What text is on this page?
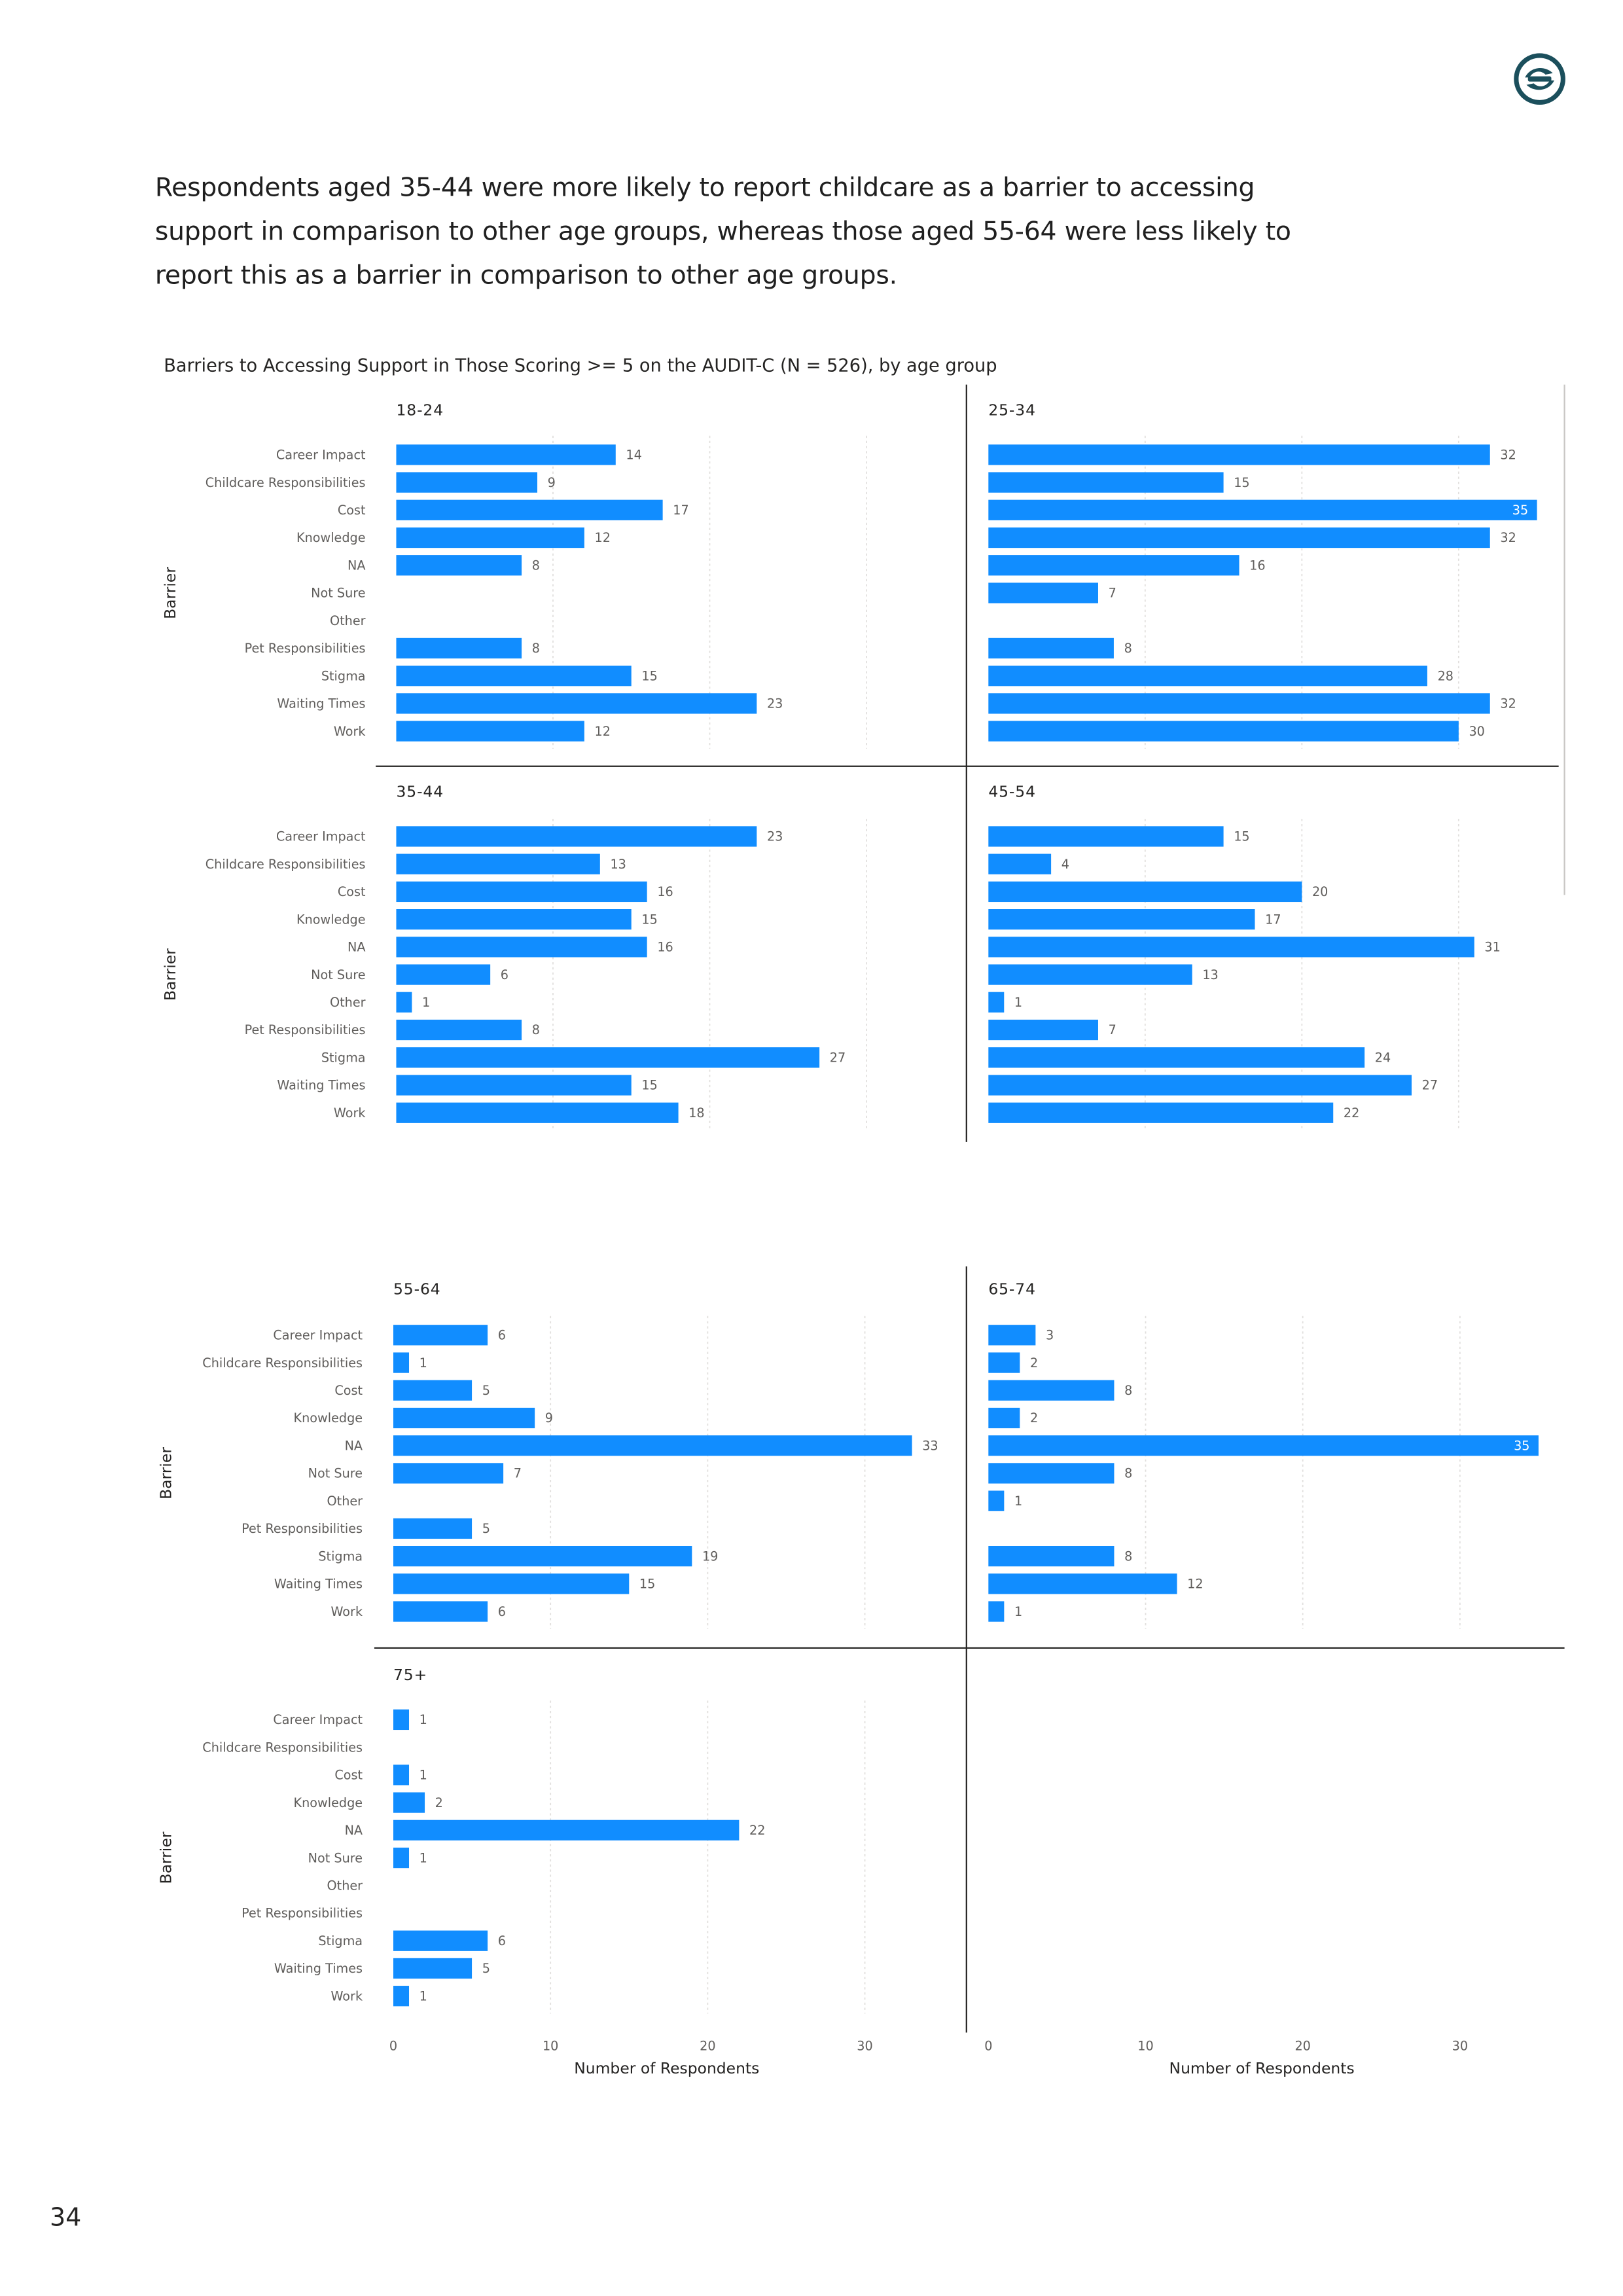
Respondents aged 35-44 were more likely to report childcare as a barrier to accessing support in comparison to other age groups, whereas those aged 55-64 were less likely to report this as a barrier in comparison to other age groups.
Barriers to Accessing Support in Those Scoring >= 5 on the AUDIT-C (N = 526), by age group
18-24
Career Impact
Childcare Responsibilities
Cost
Knowledge
NA
Not Sure
Other
Pet Responsibilities
Stigma
Waiting Times
Work
Barrier
14
9
17
12
8
8
15
23
12
25-34
32
15
35
32
16
7
8
28
32
30
35-44
Career Impact
Childcare Responsibilities
Cost
Knowledge
NA
Not Sure
Other
Pet Responsibilities
Stigma
Waiting Times
Work
Barrier
23
13
16
15
16
6
1
8
27
15
18
45-54
15
4
20
17
31
13
1
7
24
27
22
55-64
Career Impact
Childcare Responsibilities
Cost
Knowledge
NA
Not Sure
Other
Pet Responsibilities
Stigma
Waiting Times
Work
Barrier
6
1
5
9
33
7
5
19
15
6
65-74
3
2
8
2
35
8
1
8
12
1
75+
Career Impact
Childcare Responsibilities
Cost
Knowledge
NA
Not Sure
Other
Pet Responsibilities
Stigma
Waiting Times
Work
Barrier
1
1
2
22
1
6
5
1
0	10	20	30
Number of Respondents
0	10	20	30
Number of Respondents
34
